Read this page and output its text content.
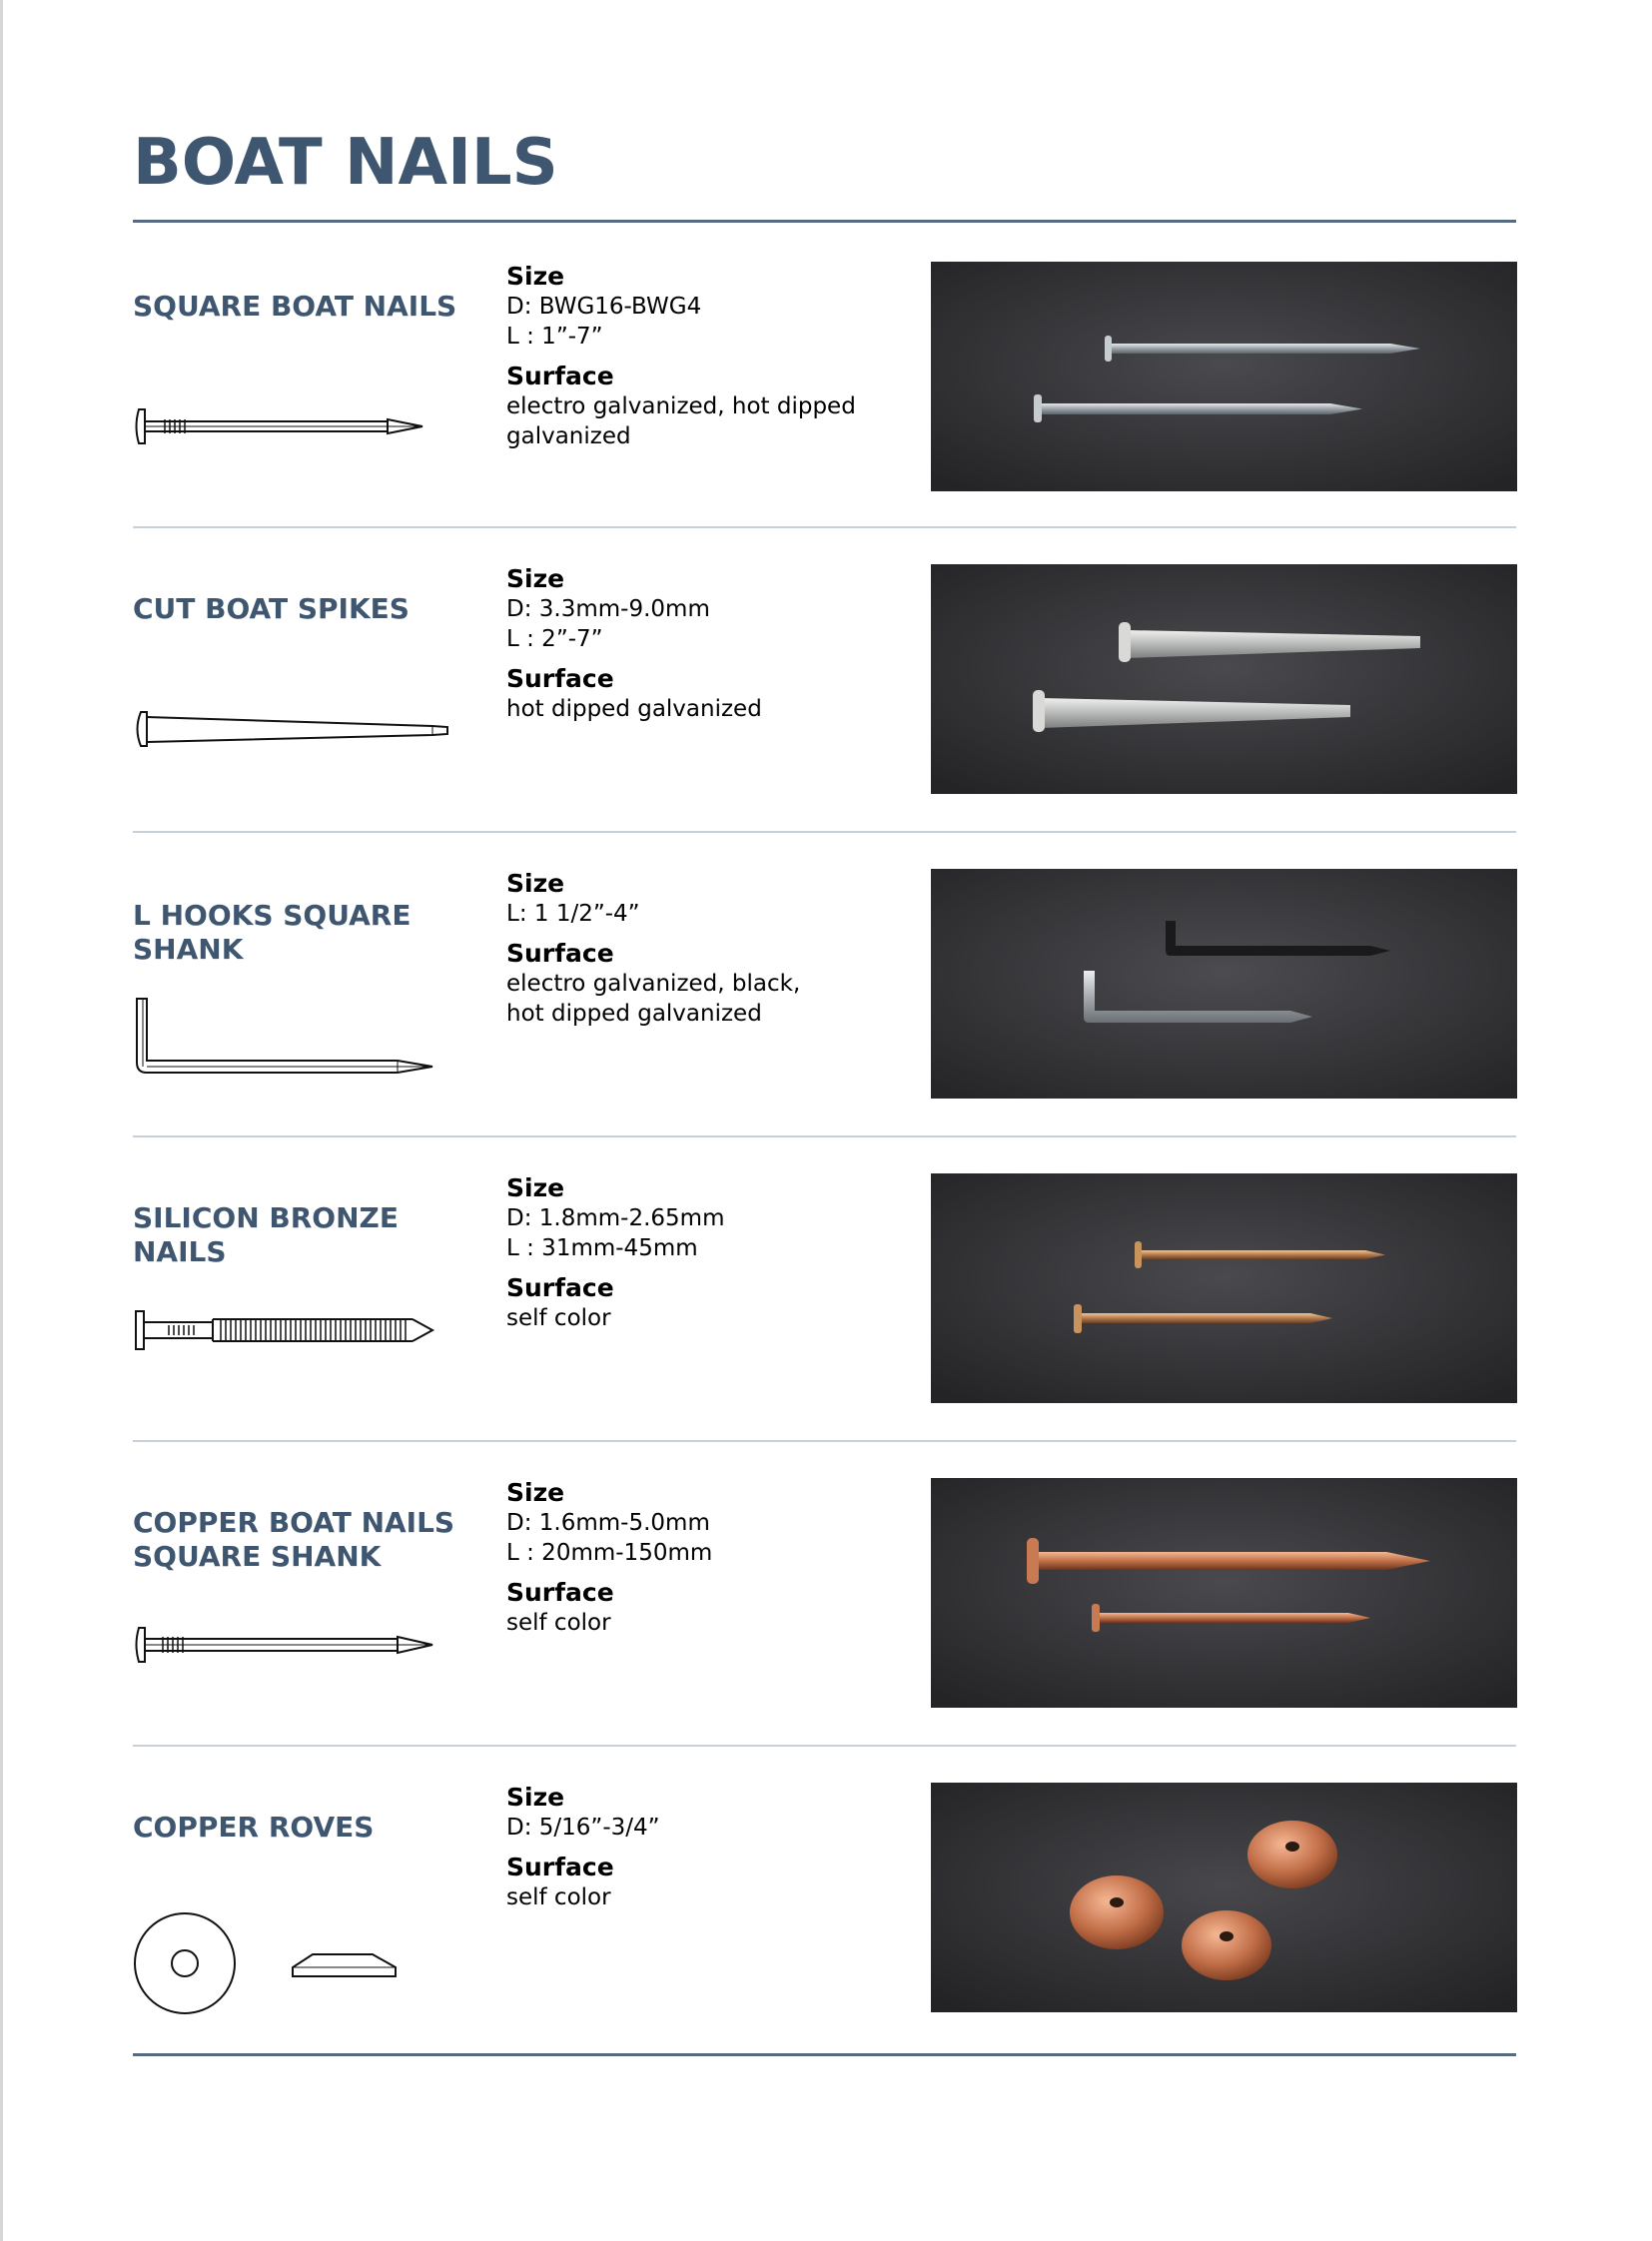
BOAT NAILS
SQUARE BOAT NAILS
Size
D: BWG16-BWG4
L : 1”-7”
Surface
electro galvanized, hot dipped
galvanized
CUT BOAT SPIKES
Size
D: 3.3mm-9.0mm
L : 2”-7”
Surface
hot dipped galvanized
L HOOKS SQUARE
SHANK
Size
L: 1 1/2”-4”
Surface
electro galvanized, black,
hot dipped galvanized
SILICON BRONZE
NAILS
Size
D: 1.8mm-2.65mm
L : 31mm-45mm
Surface
self color
COPPER BOAT NAILS
SQUARE SHANK
Size
D: 1.6mm-5.0mm
L : 20mm-150mm
Surface
self color
COPPER ROVES
Size
D: 5/16”-3/4”
Surface
self color
